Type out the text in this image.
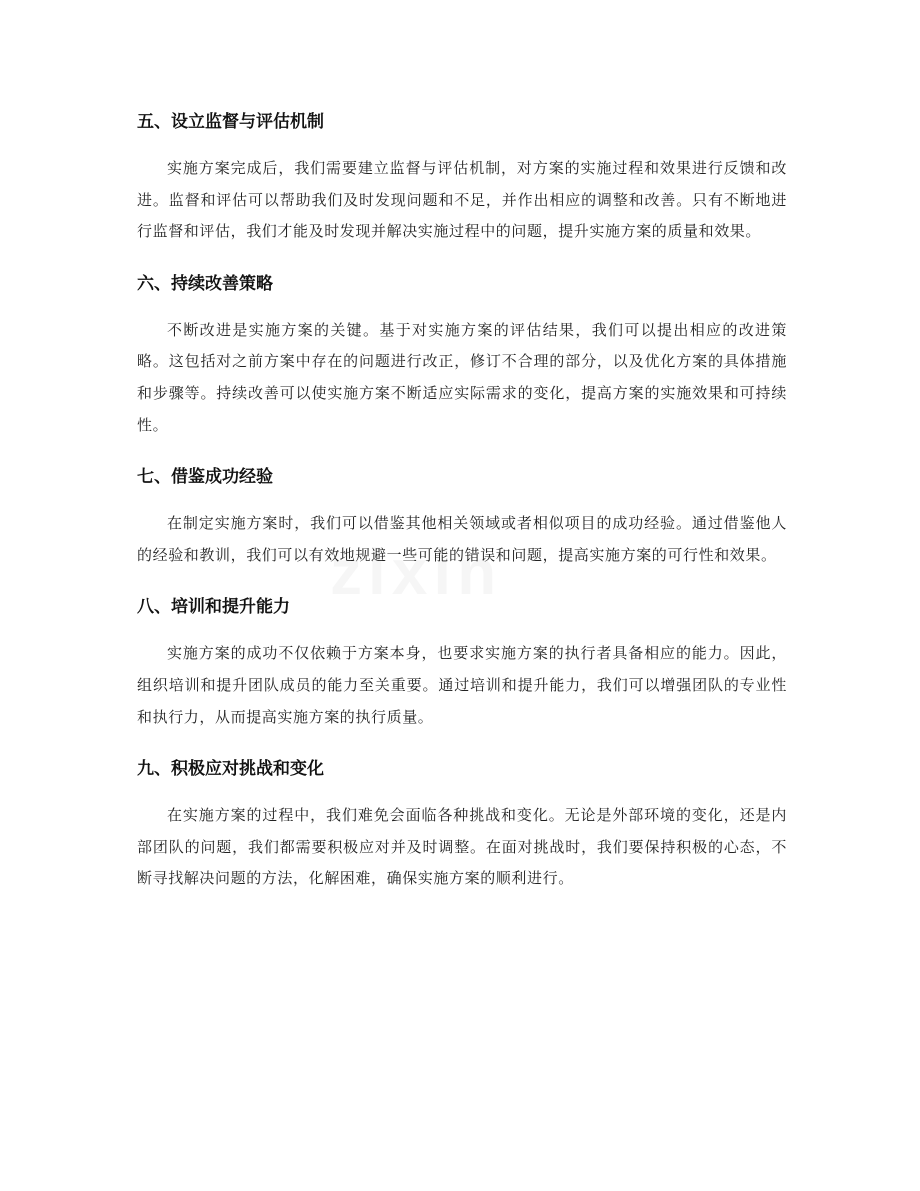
五、设立监督与评估机制

实施方案完成后，我们需要建立监督与评估机制，对方案的实施过程和效果进行反馈和改进。监督和评估可以帮助我们及时发现问题和不足，并作出相应的调整和改善。只有不断地进行监督和评估，我们才能及时发现并解决实施过程中的问题，提升实施方案的质量和效果。

六、持续改善策略

不断改进是实施方案的关键。基于对实施方案的评估结果，我们可以提出相应的改进策略。这包括对之前方案中存在的问题进行改正，修订不合理的部分，以及优化方案的具体措施和步骤等。持续改善可以使实施方案不断适应实际需求的变化，提高方案的实施效果和可持续性。

七、借鉴成功经验

在制定实施方案时，我们可以借鉴其他相关领域或者相似项目的成功经验。通过借鉴他人的经验和教训，我们可以有效地规避一些可能的错误和问题，提高实施方案的可行性和效果。

八、培训和提升能力

实施方案的成功不仅依赖于方案本身，也要求实施方案的执行者具备相应的能力。因此，组织培训和提升团队成员的能力至关重要。通过培训和提升能力，我们可以增强团队的专业性和执行力，从而提高实施方案的执行质量。

九、积极应对挑战和变化

在实施方案的过程中，我们难免会面临各种挑战和变化。无论是外部环境的变化，还是内部团队的问题，我们都需要积极应对并及时调整。在面对挑战时，我们要保持积极的心态，不断寻找解决问题的方法，化解困难，确保实施方案的顺利进行。
